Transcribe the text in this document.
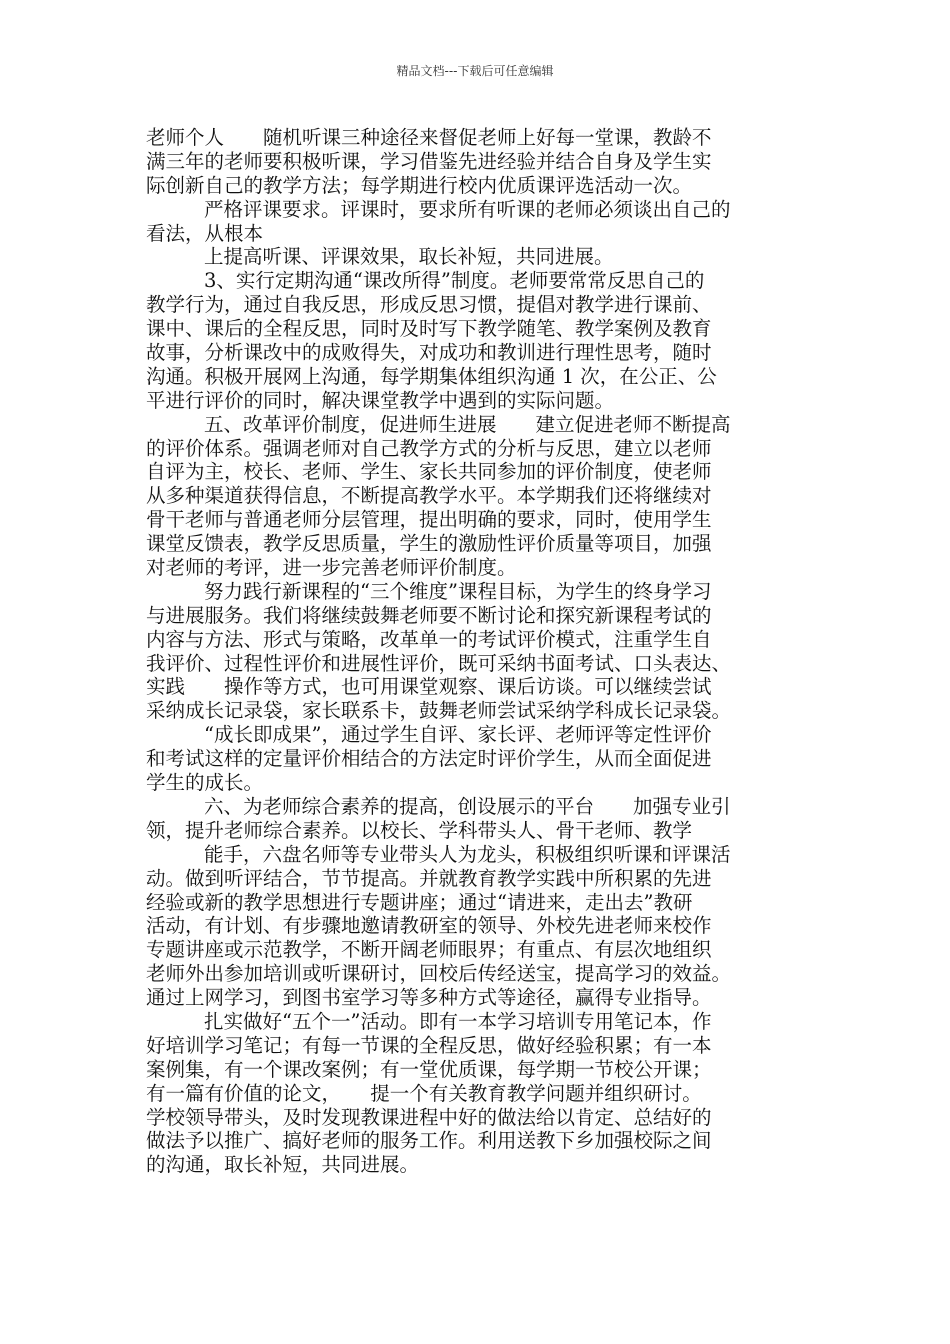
精品文档---下载后可任意编辑
老师个人　　随机听课三种途径来督促老师上好每一堂课，教龄不
满三年的老师要积极听课，学习借鉴先进经验并结合自身及学生实
际创新自己的教学方法；每学期进行校内优质课评选活动一次。
严格评课要求。评课时，要求所有听课的老师必须谈出自己的
看法，从根本
上提高听课、评课效果，取长补短，共同进展。
3、实行定期沟通“课改所得”制度。老师要常常反思自己的
教学行为，通过自我反思，形成反思习惯，提倡对教学进行课前、
课中、课后的全程反思，同时及时写下教学随笔、教学案例及教育
故事，分析课改中的成败得失，对成功和教训进行理性思考，随时
沟通。积极开展网上沟通，每学期集体组织沟通 1 次，在公正、公
平进行评价的同时，解决课堂教学中遇到的实际问题。
五、改革评价制度，促进师生进展　　建立促进老师不断提高
的评价体系。强调老师对自己教学方式的分析与反思，建立以老师
自评为主，校长、老师、学生、家长共同参加的评价制度，使老师
从多种渠道获得信息，不断提高教学水平。本学期我们还将继续对
骨干老师与普通老师分层管理，提出明确的要求，同时，使用学生
课堂反馈表，教学反思质量，学生的激励性评价质量等项目，加强
对老师的考评，进一步完善老师评价制度。
努力践行新课程的“三个维度”课程目标，为学生的终身学习
与进展服务。我们将继续鼓舞老师要不断讨论和探究新课程考试的
内容与方法、形式与策略，改革单一的考试评价模式，注重学生自
我评价、过程性评价和进展性评价，既可采纳书面考试、口头表达、
实践　　操作等方式，也可用课堂观察、课后访谈。可以继续尝试
采纳成长记录袋，家长联系卡，鼓舞老师尝试采纳学科成长记录袋。
“成长即成果”，通过学生自评、家长评、老师评等定性评价
和考试这样的定量评价相结合的方法定时评价学生，从而全面促进
学生的成长。
六、为老师综合素养的提高，创设展示的平台　　加强专业引
领，提升老师综合素养。以校长、学科带头人、骨干老师、教学
能手，六盘名师等专业带头人为龙头，积极组织听课和评课活
动。做到听评结合，节节提高。并就教育教学实践中所积累的先进
经验或新的教学思想进行专题讲座；通过“请进来，走出去”教研
活动，有计划、有步骤地邀请教研室的领导、外校先进老师来校作
专题讲座或示范教学，不断开阔老师眼界；有重点、有层次地组织
老师外出参加培训或听课研讨，回校后传经送宝，提高学习的效益。
通过上网学习，到图书室学习等多种方式等途径，赢得专业指导。
扎实做好“五个一”活动。即有一本学习培训专用笔记本，作
好培训学习笔记；有每一节课的全程反思，做好经验积累；有一本
案例集，有一个课改案例；有一堂优质课，每学期一节校公开课；
有一篇有价值的论文，　　提一个有关教育教学问题并组织研讨。
学校领导带头，及时发现教课进程中好的做法给以肯定、总结好的
做法予以推广、搞好老师的服务工作。利用送教下乡加强校际之间
的沟通，取长补短，共同进展。
